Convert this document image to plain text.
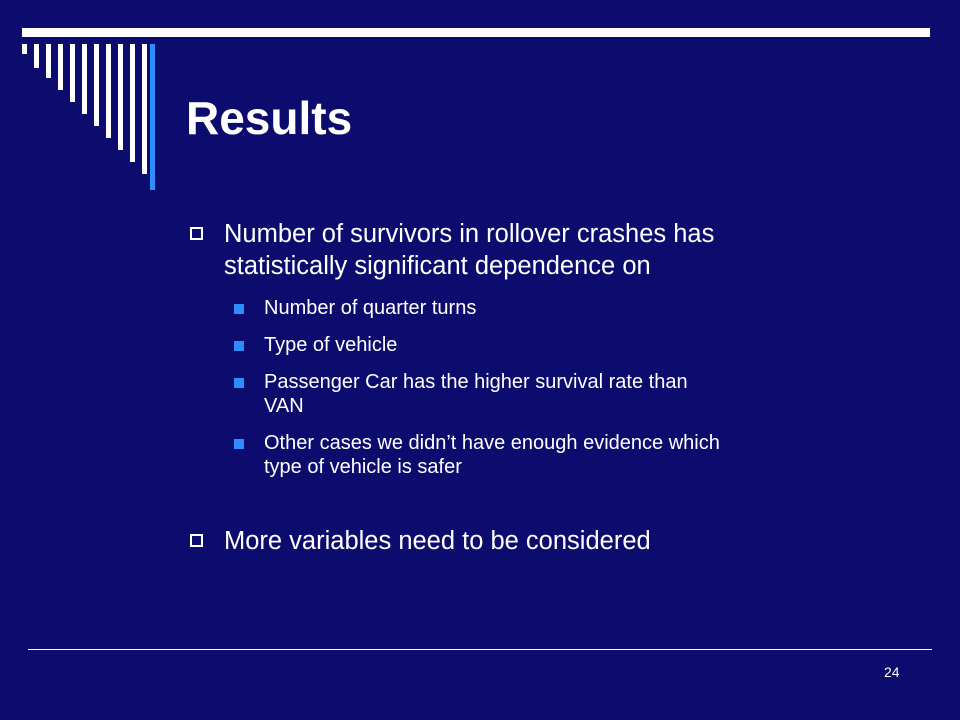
Results
Number of survivors in rollover crashes has
statistically significant dependence on
Number of quarter turns
Type of vehicle
Passenger Car has the higher survival rate than
VAN
Other cases we didn’t have enough evidence which
type of vehicle is safer
More variables need to be considered
24
